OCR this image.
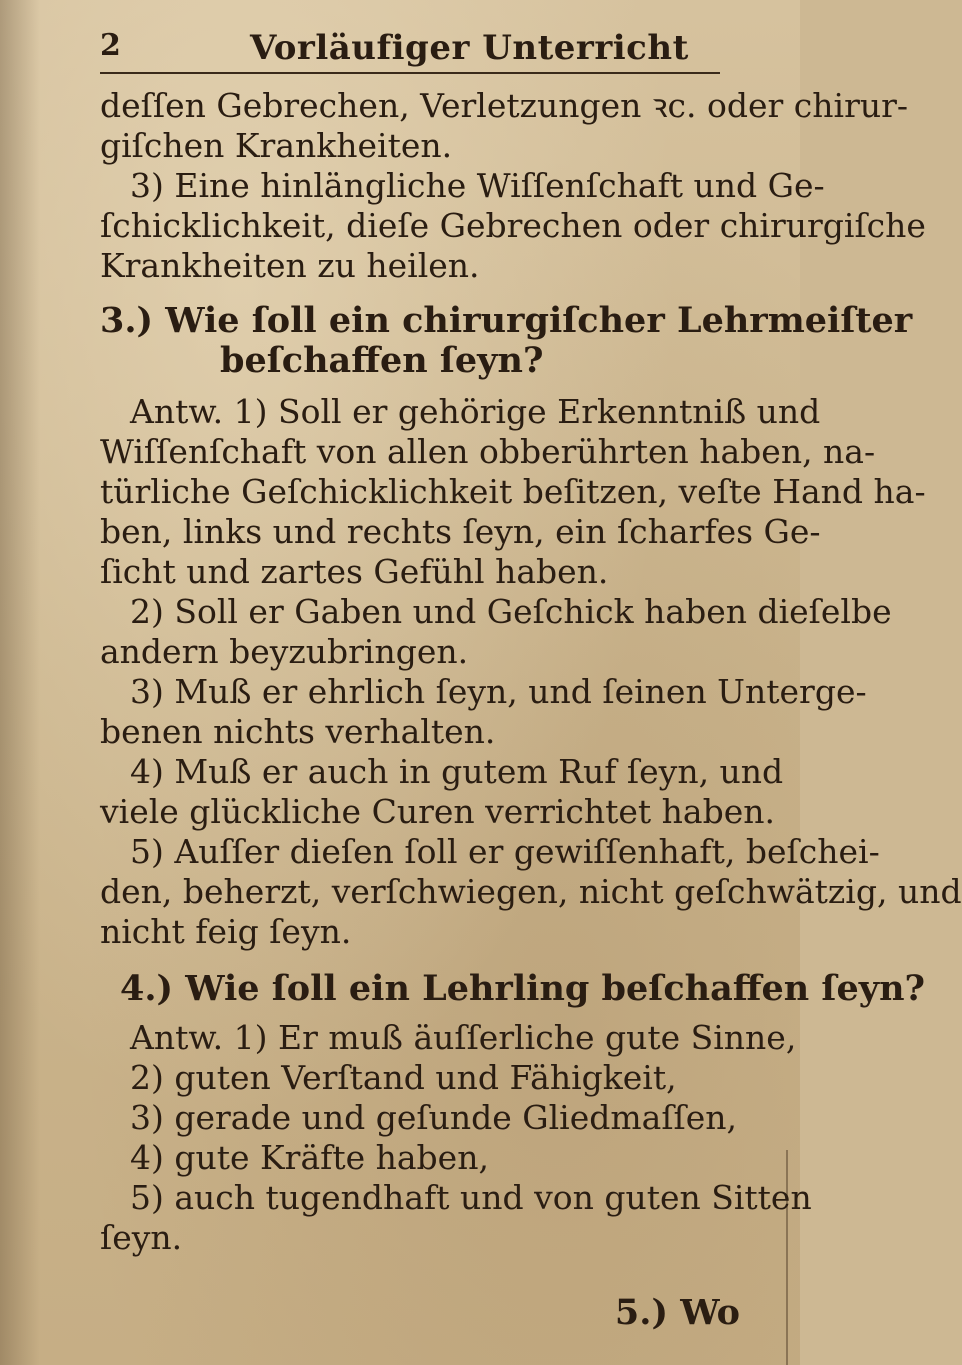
2	Vorläufiger Unterricht
deſſen Gebrechen, Verletzungen ꝛc. oder chirur-
giſchen Krankheiten.
3) Eine hinlängliche Wiſſenſchaft und Ge-
ſchicklichkeit, dieſe Gebrechen oder chirurgiſche
Krankheiten zu heilen.
3.) Wie ſoll ein chirurgiſcher Lehrmeiſter
beſchaffen ſeyn?
Antw. 1) Soll er gehörige Erkenntniß und
Wiſſenſchaft von allen obberührten haben, na-
türliche Geſchicklichkeit beſitzen, veſte Hand ha-
ben, links und rechts ſeyn, ein ſcharfes Ge-
ſicht und zartes Gefühl haben.
2) Soll er Gaben und Geſchick haben dieſelbe
andern beyzubringen.
3) Muß er ehrlich ſeyn, und ſeinen Unterge-
benen nichts verhalten.
4) Muß er auch in gutem Ruf ſeyn, und
viele glückliche Curen verrichtet haben.
5) Auſſer dieſen ſoll er gewiſſenhaft, beſchei-
den, beherzt, verſchwiegen, nicht geſchwätzig, und
nicht feig ſeyn.
4.) Wie ſoll ein Lehrling beſchaffen ſeyn?
Antw. 1) Er muß äuſſerliche gute Sinne,
2) guten Verſtand und Fähigkeit,
3) gerade und geſunde Gliedmaſſen,
4) gute Kräfte haben,
5) auch tugendhaft und von guten Sitten
ſeyn.
5.) Wo
